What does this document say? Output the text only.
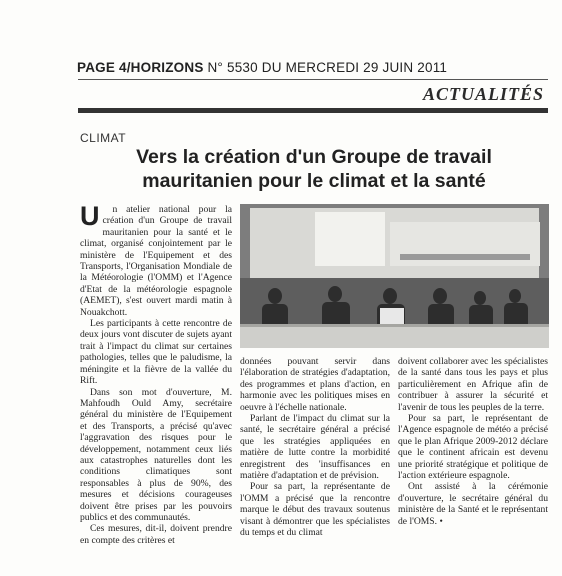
PAGE 4/HORIZONS N° 5530 DU MERCREDI 29 JUIN 2011
ACTUALITÉS
CLIMAT
Vers la création d'un Groupe de travail
mauritanien pour le climat et la santé

U n atelier national pour la création d'un Groupe de travail mauritanien pour la santé et le climat, organisé conjointement par le ministère de l'Equipement et des Transports, l'Organisation Mondiale de la Météorologie (l'OMM) et l'Agence d'Etat de la météorologie espagnole (AEMET), s'est ouvert mardi matin à Nouakchott.

Les participants à cette rencontre de deux jours vont discuter de sujets ayant trait à l'impact du climat sur certaines pathologies, telles que le paludisme, la méningite et la fièvre de la vallée du Rift.

Dans son mot d'ouverture, M. Mahfoudh Ould Amy, secrétaire général du ministère de l'Equipement et des Transports, a précisé qu'avec l'aggravation des risques pour le développement, notamment ceux liés aux catastrophes naturelles dont les conditions climatiques sont responsables à plus de 90%, des mesures et décisions courageuses doivent être prises par les pouvoirs publics et des communautés.

Ces mesures, dit-il, doivent prendre en compte des critères et

données pouvant servir dans l'élaboration de stratégies d'adaptation, des programmes et plans d'action, en harmonie avec les politiques mises en oeuvre à l'échelle nationale.

Parlant de l'impact du climat sur la santé, le secrétaire général a précisé que les stratégies appliquées en matière de lutte contre la morbidité enregistrent des 'insuffisances en matière d'adaptation et de prévision.

Pour sa part, la représentante de l'OMM a précisé que la rencontre marque le début des travaux soutenus visant à démontrer que les spécialistes du temps et du climat

doivent collaborer avec les spécialistes de la santé dans tous les pays et plus particulièrement en Afrique afin de contribuer à assurer la sécurité et l'avenir de tous les peuples de la terre.

Pour sa part, le représentant de l'Agence espagnole de météo a précisé que le plan Afrique 2009-2012 déclare que le continent africain est devenu une priorité stratégique et politique de l'action extérieure espagnole.

Ont assisté à la cérémonie d'ouverture, le secrétaire général du ministère de la Santé et le représentant de l'OMS. •
